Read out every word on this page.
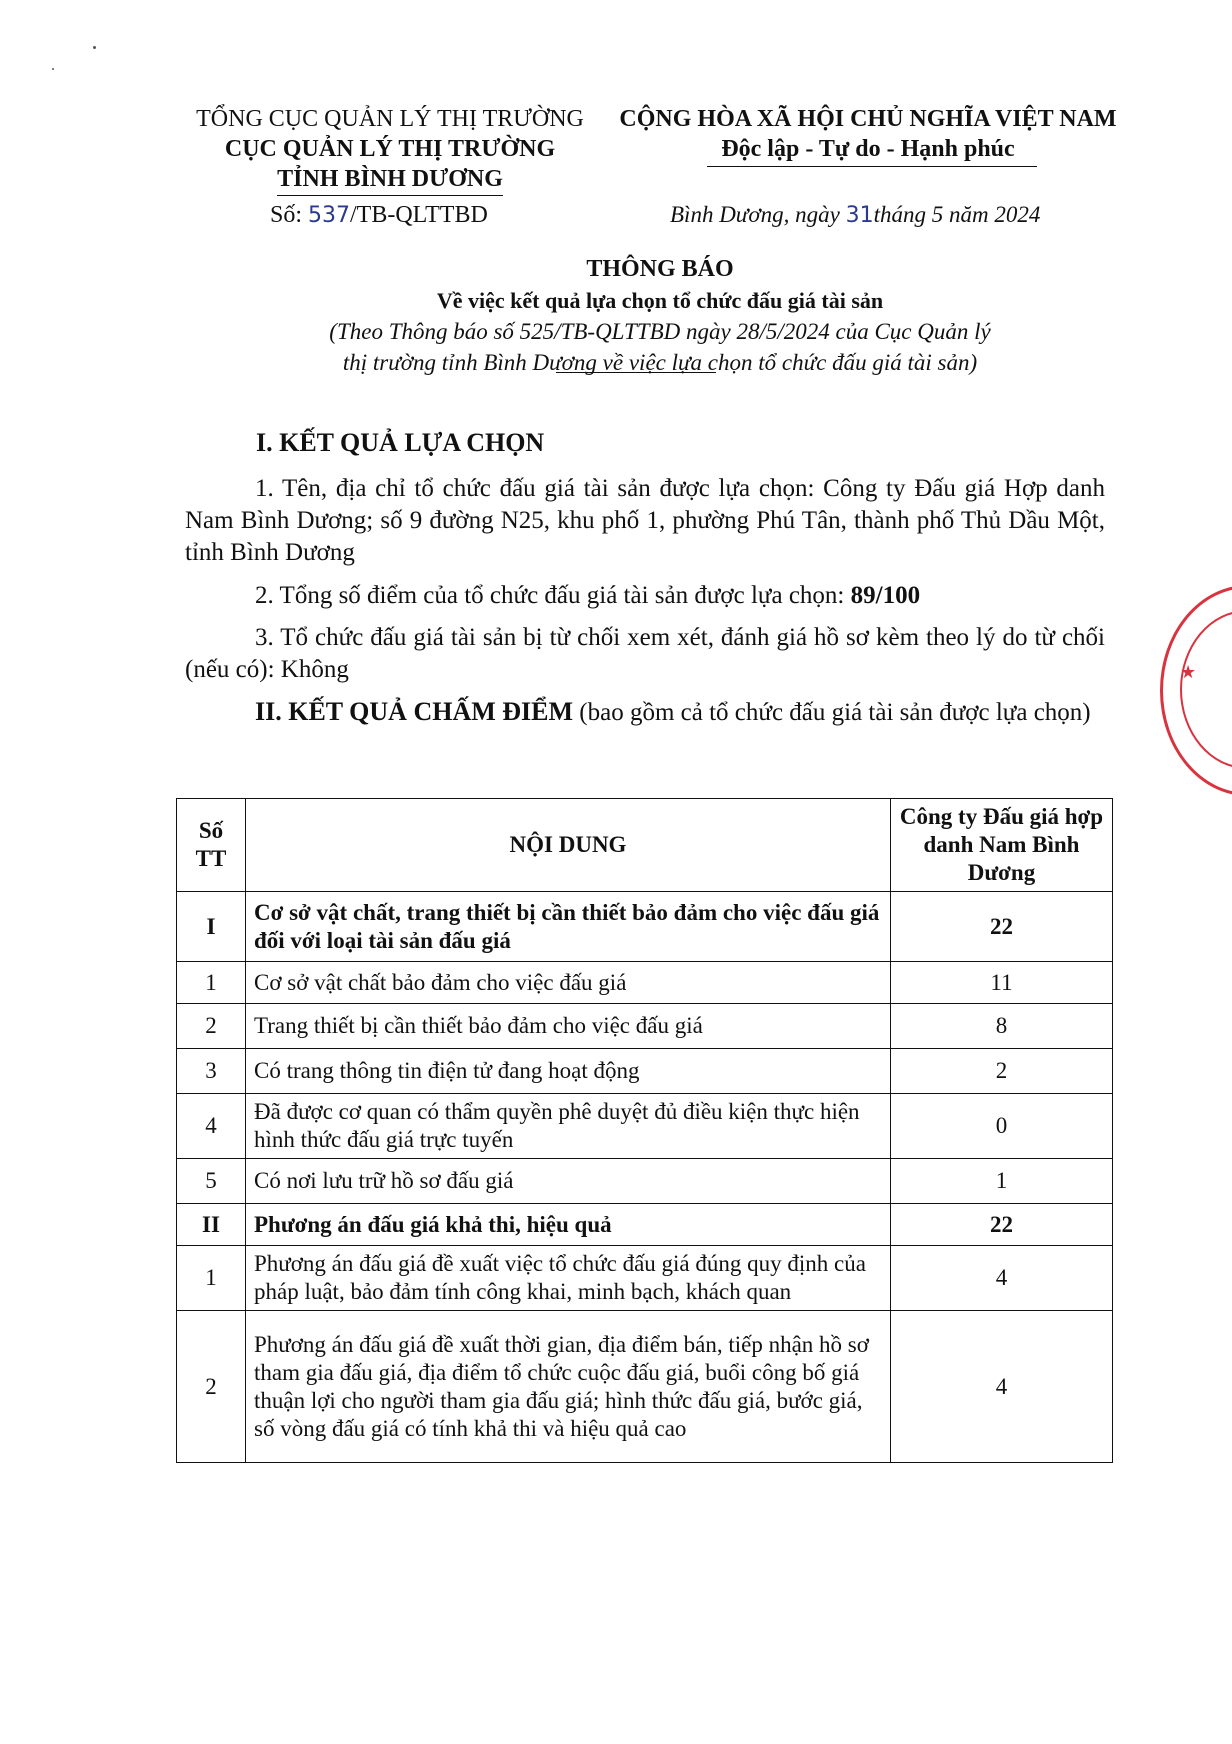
TỔNG CỤC QUẢN LÝ THỊ TRƯỜNG
CỤC QUẢN LÝ THỊ TRƯỜNG
TỈNH BÌNH DƯƠNG
CỘNG HÒA XÃ HỘI CHỦ NGHĨA VIỆT NAM
Độc lập - Tự do - Hạnh phúc
Số: 537/TB-QLTTBD	Bình Dương, ngày 31tháng 5 năm 2024
THÔNG BÁO
Về việc kết quả lựa chọn tổ chức đấu giá tài sản
(Theo Thông báo số 525/TB-QLTTBD ngày 28/5/2024 của Cục Quản lý
thị trường tỉnh Bình Dương về việc lựa chọn tổ chức đấu giá tài sản)
I. KẾT QUẢ LỰA CHỌN
1. Tên, địa chỉ tổ chức đấu giá tài sản được lựa chọn: Công ty Đấu giá Hợp danh Nam Bình Dương; số 9 đường N25, khu phố 1, phường Phú Tân, thành phố Thủ Dầu Một, tỉnh Bình Dương
2. Tổng số điểm của tổ chức đấu giá tài sản được lựa chọn: 89/100
3. Tổ chức đấu giá tài sản bị từ chối xem xét, đánh giá hồ sơ kèm theo lý do từ chối (nếu có): Không
II. KẾT QUẢ CHẤM ĐIỂM (bao gồm cả tổ chức đấu giá tài sản được lựa chọn)
Số TT	NỘI DUNG	Công ty Đấu giá hợp danh Nam Bình Dương
I	Cơ sở vật chất, trang thiết bị cần thiết bảo đảm cho việc đấu giá đối với loại tài sản đấu giá	22
1	Cơ sở vật chất bảo đảm cho việc đấu giá	11
2	Trang thiết bị cần thiết bảo đảm cho việc đấu giá	8
3	Có trang thông tin điện tử đang hoạt động	2
4	Đã được cơ quan có thẩm quyền phê duyệt đủ điều kiện thực hiện hình thức đấu giá trực tuyến	0
5	Có nơi lưu trữ hồ sơ đấu giá	1
II	Phương án đấu giá khả thi, hiệu quả	22
1	Phương án đấu giá đề xuất việc tổ chức đấu giá đúng quy định của pháp luật, bảo đảm tính công khai, minh bạch, khách quan	4
2	Phương án đấu giá đề xuất thời gian, địa điểm bán, tiếp nhận hồ sơ tham gia đấu giá, địa điểm tổ chức cuộc đấu giá, buổi công bố giá thuận lợi cho người tham gia đấu giá; hình thức đấu giá, bước giá, số vòng đấu giá có tính khả thi và hiệu quả cao	4
★
